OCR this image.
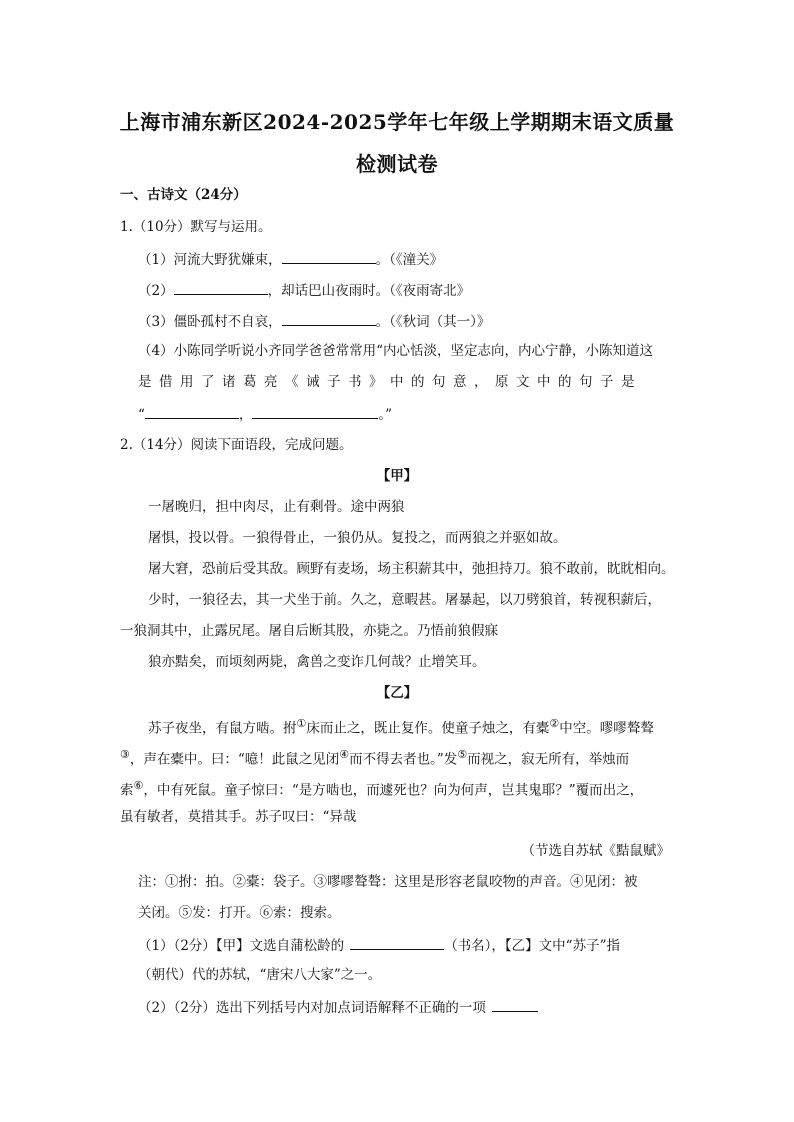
上海市浦东新区2024-2025学年七年级上学期期末语文质量
检测试卷
一、古诗文（24分）
1.（10分）默写与运用。
（1）河流大野犹嫌束，	。（《潼关》
（2）	，却话巴山夜雨时。（《夜雨寄北》
（3）僵卧孤村不自哀，	。（《秋词（其一）》
（4）小陈同学听说小齐同学爸爸常常用“内心恬淡，坚定志向，内心宁静，小陈知道这
是借用了诸葛亮《诫子书》中的句意，原文中的句子是
“	，	。”
2.（14分）阅读下面语段，完成问题。
【甲】
一屠晚归，担中肉尽，止有剩骨。途中两狼
屠惧，投以骨。一狼得骨止，一狼仍从。复投之，而两狼之并驱如故。
屠大窘，恐前后受其敌。顾野有麦场，场主积薪其中，弛担持刀。狼不敢前，眈眈相向。
少时，一狼径去，其一犬坐于前。久之，意暇甚。屠暴起，以刀劈狼首，转视积薪后，
一狼洞其中，止露尻尾。屠自后断其股，亦毙之。乃悟前狼假寐
狼亦黠矣，而顷刻两毙，禽兽之变诈几何哉？止增笑耳。
【乙】
苏子夜坐，有鼠方啮。拊①床而止之，既止复作。使童子烛之，有橐②中空。嘐嘐聱聱
③，声在橐中。曰：“噫！此鼠之见闭④而不得去者也。”发⑤而视之，寂无所有，举烛而
索⑥，中有死鼠。童子惊曰：“是方啮也，而遽死也？向为何声，岂其鬼耶？”覆而出之，
虽有敏者，莫措其手。苏子叹曰：“异哉
（节选自苏轼《黠鼠赋》
注：①拊：拍。②橐：袋子。③嘐嘐聱聱：这里是形容老鼠咬物的声音。④见闭：被
关闭。⑤发：打开。⑥索：搜索。
（1）（2分）【甲】文选自蒲松龄的	（书名），【乙】文中“苏子”指
（朝代）代的苏轼，“唐宋八大家”之一。
（2）（2分）选出下列括号内对加点词语解释不正确的一项
